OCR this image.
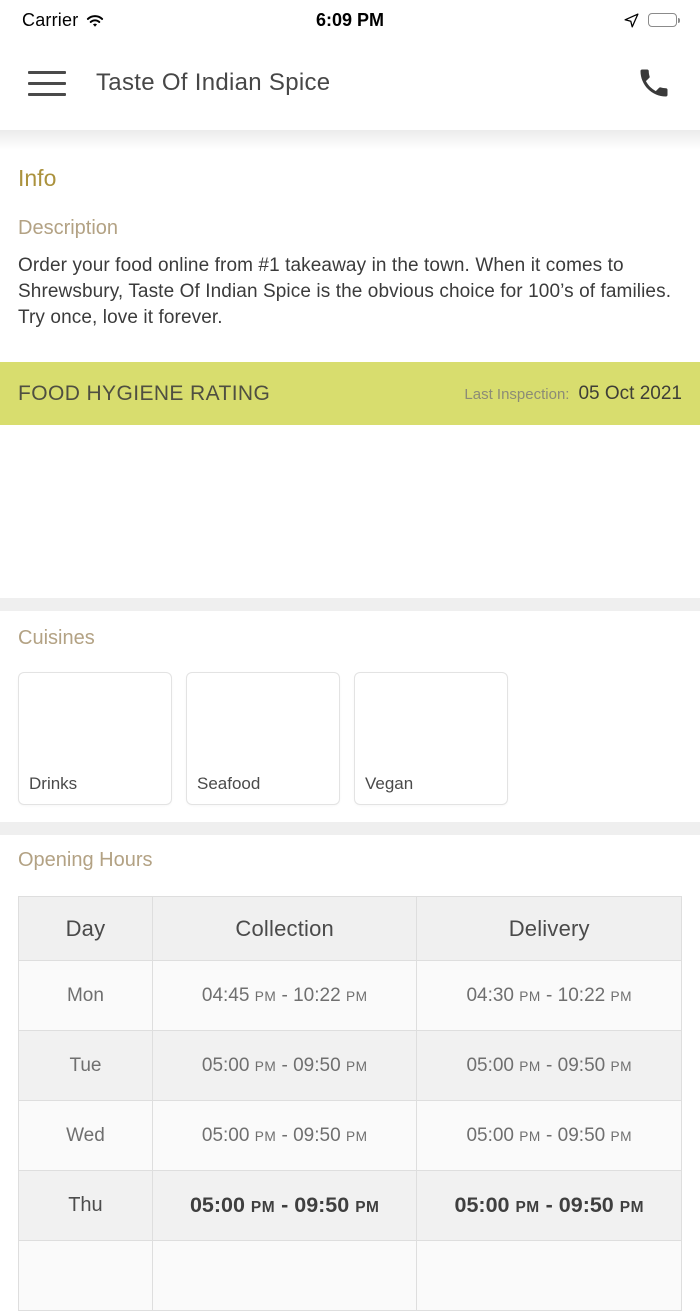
Carrier	6:09 PM
Taste Of Indian Spice
Info
Description

Order your food online from #1 takeaway in the town. When it comes to Shrewsbury, Taste Of Indian Spice is the obvious choice for 100’s of families. Try once, love it forever.

FOOD HYGIENE RATING	Last Inspection: 05 Oct 2021
Cuisines
Drinks	Seafood	Vegan
Opening Hours
Day	Collection	Delivery
Mon	04:45 PM - 10:22 PM	04:30 PM - 10:22 PM
Tue	05:00 PM - 09:50 PM	05:00 PM - 09:50 PM
Wed	05:00 PM - 09:50 PM	05:00 PM - 09:50 PM
Thu	05:00 PM - 09:50 PM	05:00 PM - 09:50 PM
